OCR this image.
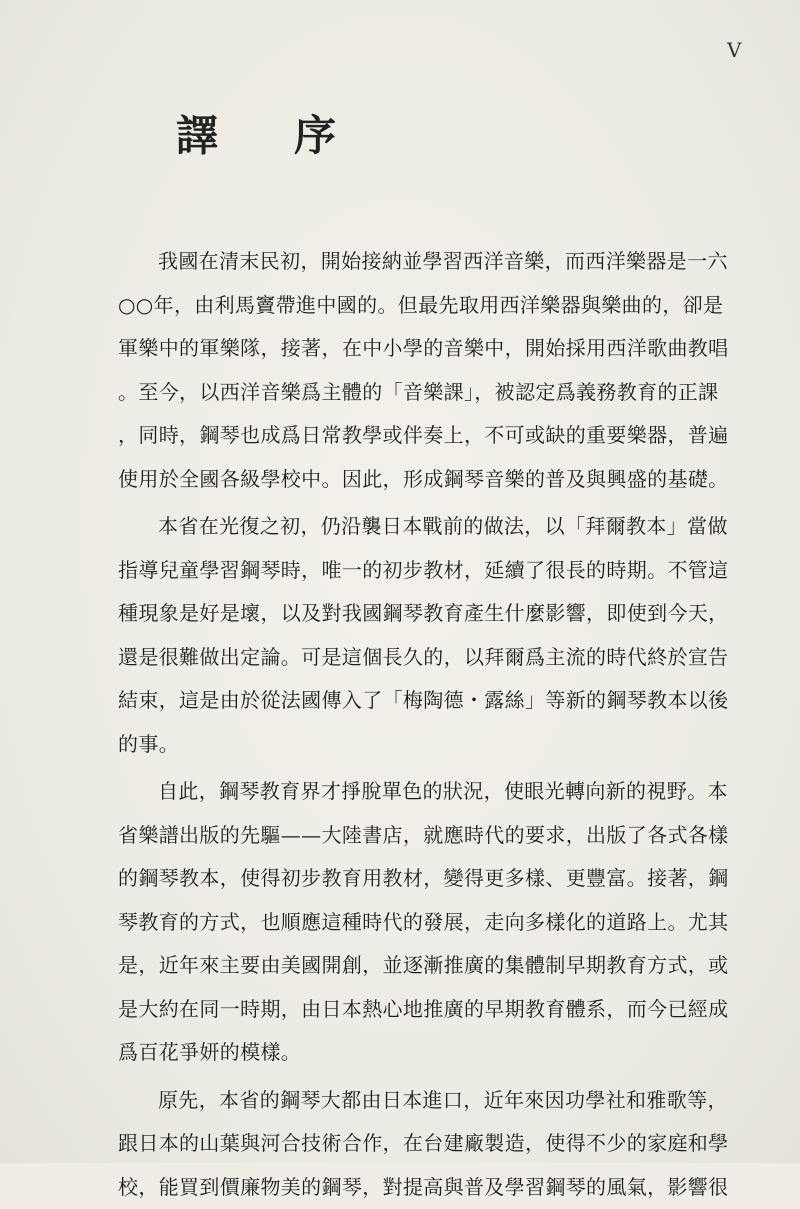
V
譯 序
我國在清末民初，開始接納並學習西洋音樂，而西洋樂器是一六
○○年，由利馬竇帶進中國的。但最先取用西洋樂器與樂曲的，卻是
軍樂中的軍樂隊，接著，在中小學的音樂中，開始採用西洋歌曲教唱
。至今，以西洋音樂爲主體的「音樂課」，被認定爲義務教育的正課
，同時，鋼琴也成爲日常教學或伴奏上，不可或缺的重要樂器，普遍
使用於全國各級學校中。因此，形成鋼琴音樂的普及與興盛的基礎。
本省在光復之初，仍沿襲日本戰前的做法，以「拜爾教本」當做
指導兒童學習鋼琴時，唯一的初步教材，延續了很長的時期。不管這
種現象是好是壞，以及對我國鋼琴教育產生什麼影響，即使到今天，
還是很難做出定論。可是這個長久的，以拜爾爲主流的時代終於宣告
結束，這是由於從法國傳入了「梅陶德・露絲」等新的鋼琴教本以後
的事。
自此，鋼琴教育界才掙脫單色的狀況，使眼光轉向新的視野。本
省樂譜出版的先驅——大陸書店，就應時代的要求，出版了各式各樣
的鋼琴教本，使得初步教育用教材，變得更多樣、更豐富。接著，鋼
琴教育的方式，也順應這種時代的發展，走向多樣化的道路上。尤其
是，近年來主要由美國開創，並逐漸推廣的集體制早期教育方式，或
是大約在同一時期，由日本熱心地推廣的早期教育體系，而今已經成
爲百花爭妍的模樣。
原先，本省的鋼琴大都由日本進口，近年來因功學社和雅歌等，
跟日本的山葉與河合技術合作，在台建廠製造，使得不少的家庭和學
校，能買到價廉物美的鋼琴，對提高與普及學習鋼琴的風氣，影響很
